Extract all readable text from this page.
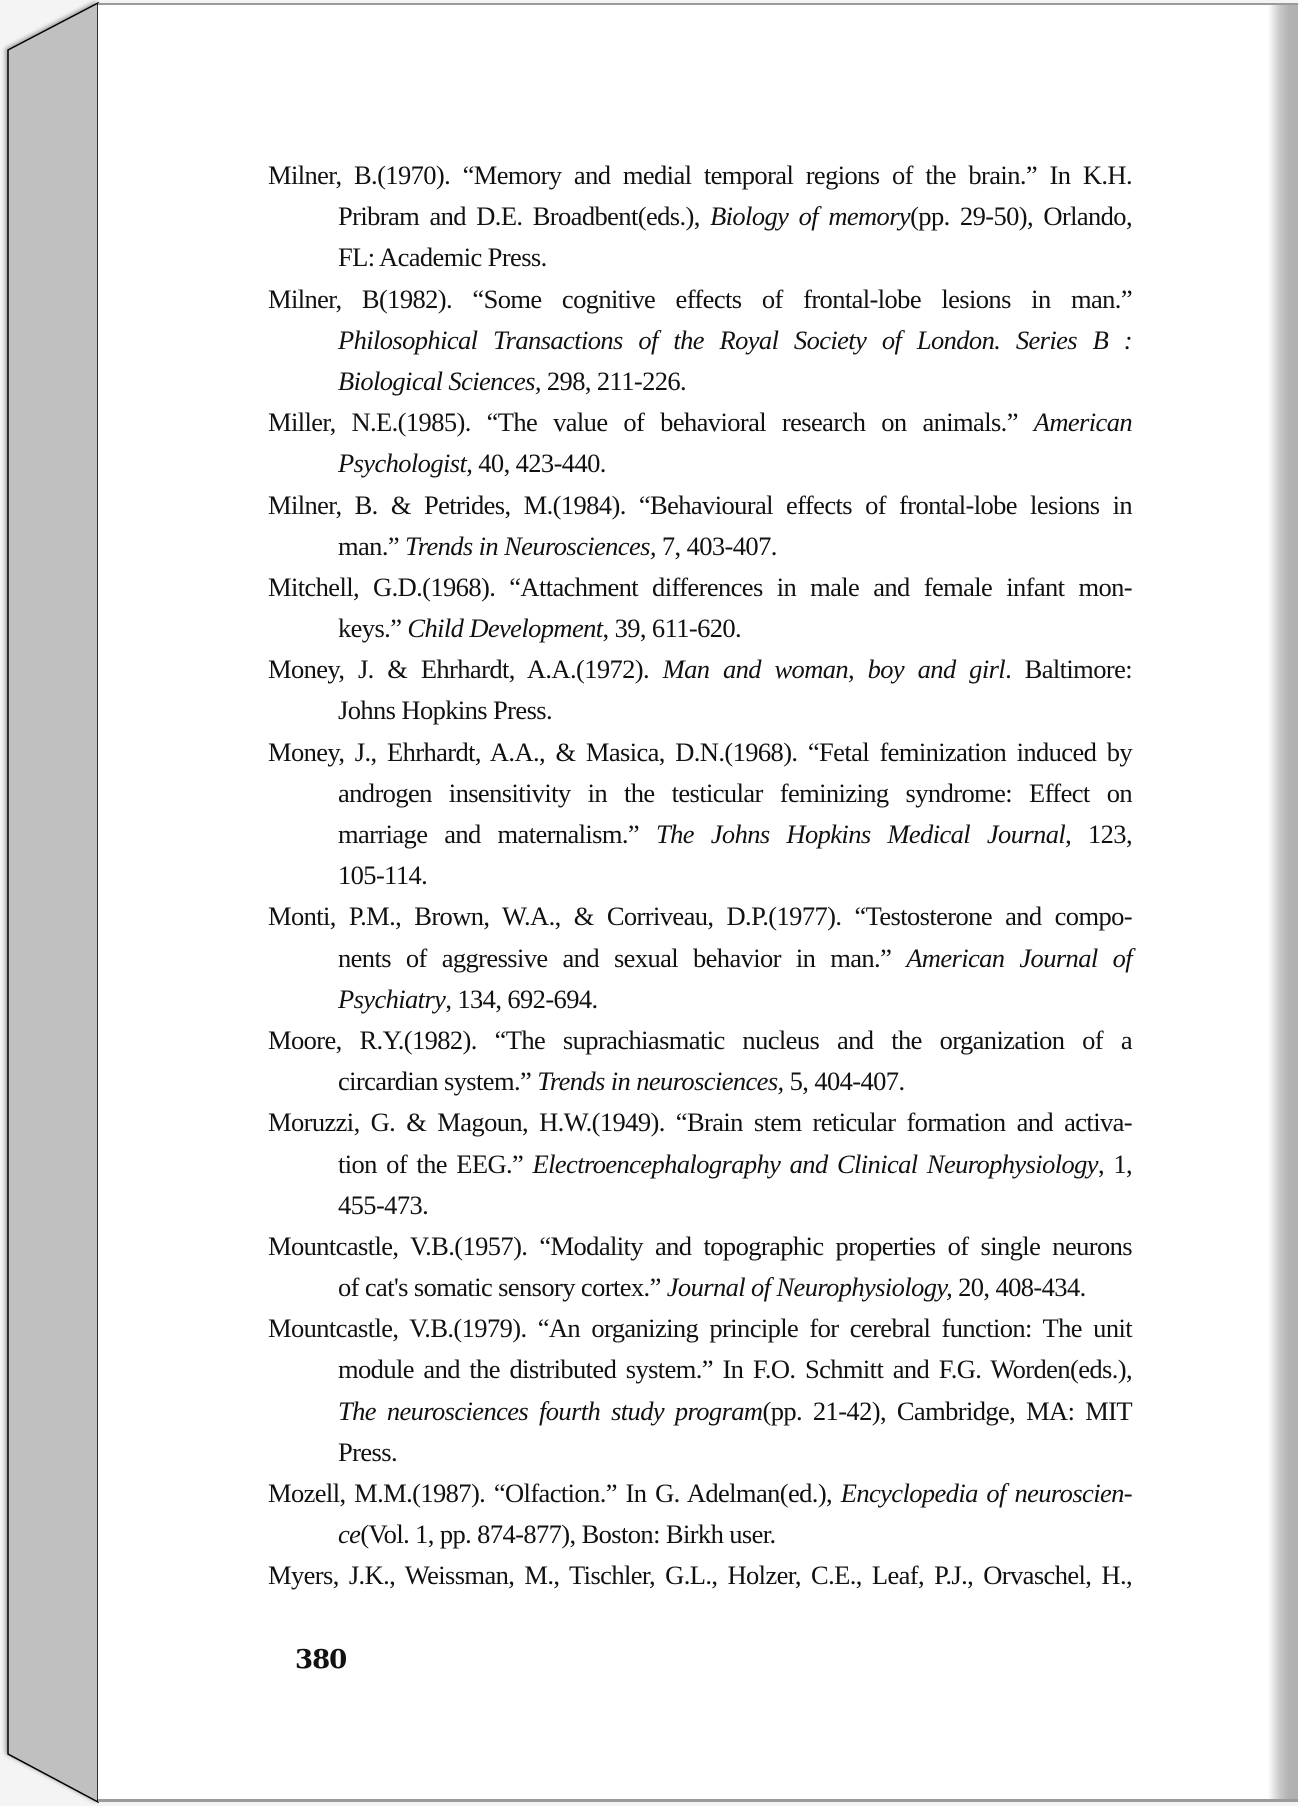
Milner, B.(1970). “Memory and medial temporal regions of the brain.” In K.H.
Pribram and D.E. Broadbent(eds.), Biology of memory(pp. 29-50), Orlando,
FL: Academic Press.
Milner, B(1982). “Some cognitive effects of frontal-lobe lesions in man.”
Philosophical Transactions of the Royal Society of London. Series B :
Biological Sciences, 298, 211-226.
Miller, N.E.(1985). “The value of behavioral research on animals.” American
Psychologist, 40, 423-440.
Milner, B. & Petrides, M.(1984). “Behavioural effects of frontal-lobe lesions in
man.” Trends in Neurosciences, 7, 403-407.
Mitchell, G.D.(1968). “Attachment differences in male and female infant mon-
keys.” Child Development, 39, 611-620.
Money, J. & Ehrhardt, A.A.(1972). Man and woman, boy and girl. Baltimore:
Johns Hopkins Press.
Money, J., Ehrhardt, A.A., & Masica, D.N.(1968). “Fetal feminization induced by
androgen insensitivity in the testicular feminizing syndrome: Effect on
marriage and maternalism.” The Johns Hopkins Medical Journal, 123,
105-114.
Monti, P.M., Brown, W.A., & Corriveau, D.P.(1977). “Testosterone and compo-
nents of aggressive and sexual behavior in man.” American Journal of
Psychiatry, 134, 692-694.
Moore, R.Y.(1982). “The suprachiasmatic nucleus and the organization of a
circardian system.” Trends in neurosciences, 5, 404-407.
Moruzzi, G. & Magoun, H.W.(1949). “Brain stem reticular formation and activa-
tion of the EEG.” Electroencephalography and Clinical Neurophysiology, 1,
455-473.
Mountcastle, V.B.(1957). “Modality and topographic properties of single neurons
of cat's somatic sensory cortex.” Journal of Neurophysiology, 20, 408-434.
Mountcastle, V.B.(1979). “An organizing principle for cerebral function: The unit
module and the distributed system.” In F.O. Schmitt and F.G. Worden(eds.),
The neurosciences fourth study program(pp. 21-42), Cambridge, MA: MIT
Press.
Mozell, M.M.(1987). “Olfaction.” In G. Adelman(ed.), Encyclopedia of neuroscien-
ce(Vol. 1, pp. 874-877), Boston: Birkh user.
Myers, J.K., Weissman, M., Tischler, G.L., Holzer, C.E., Leaf, P.J., Orvaschel, H.,
380
